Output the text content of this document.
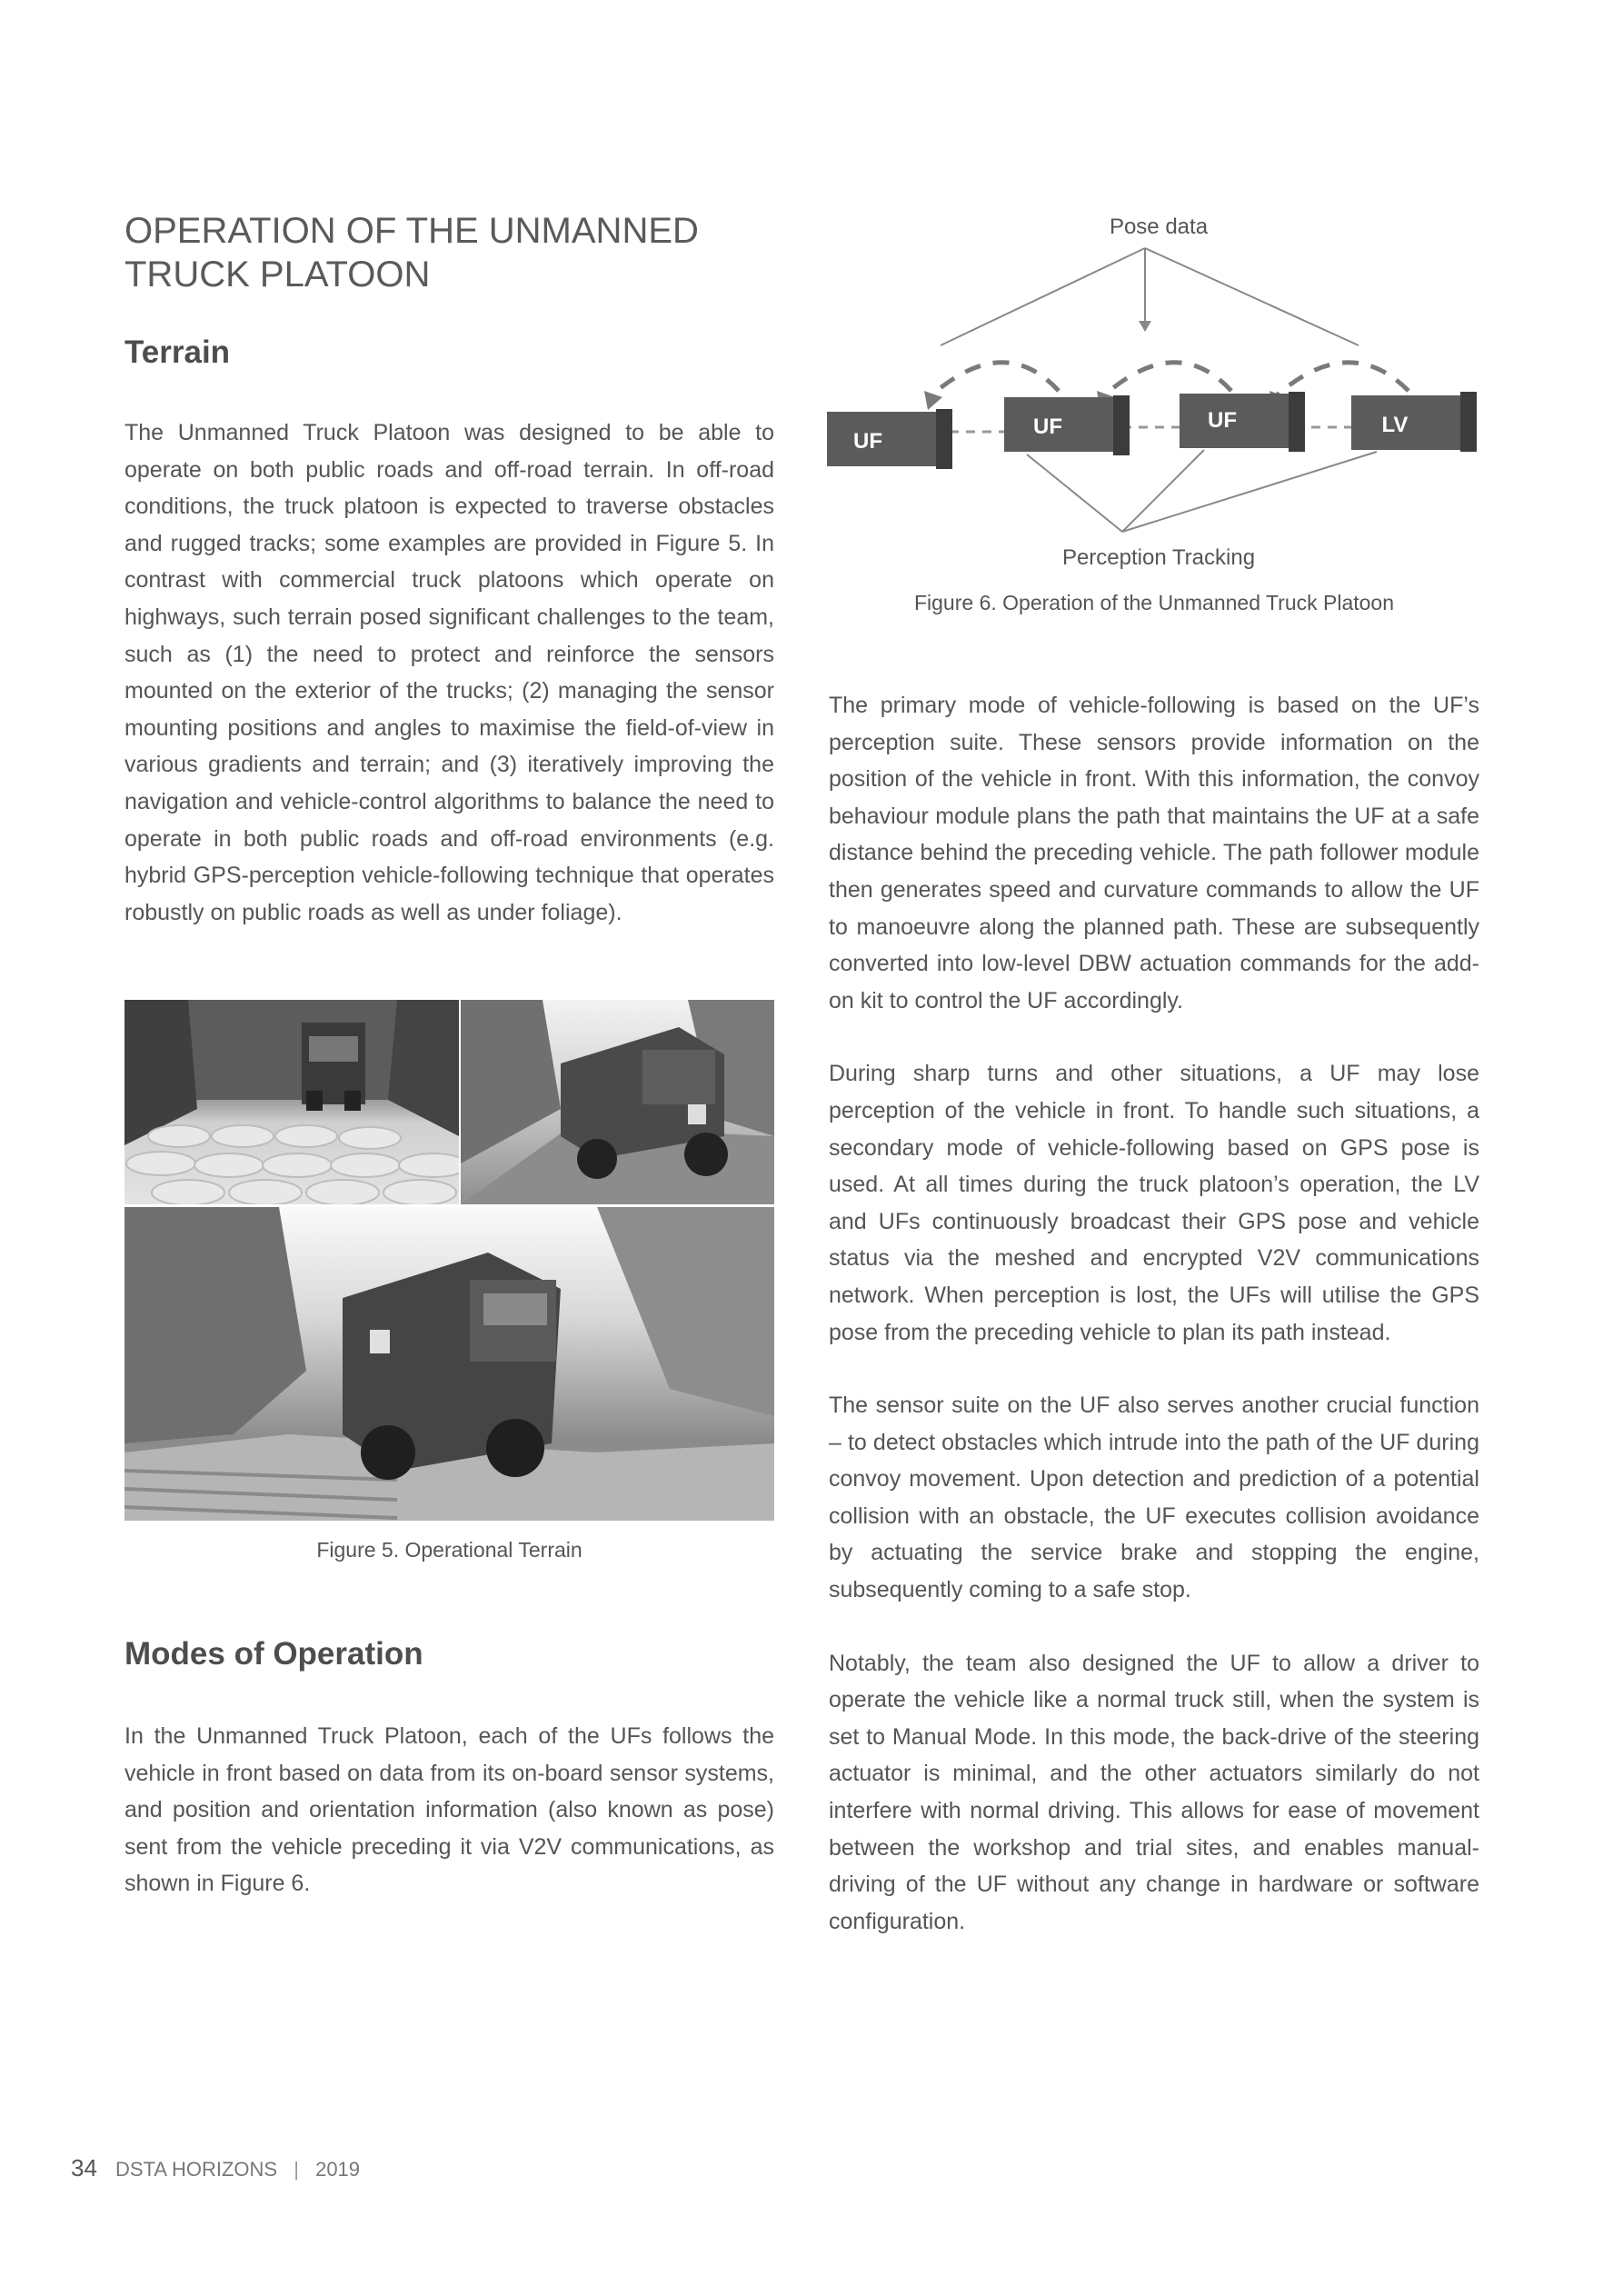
OPERATION OF THE UNMANNED TRUCK PLATOON
Terrain

The Unmanned Truck Platoon was designed to be able to operate on both public roads and off-road terrain. In off-road conditions, the truck platoon is expected to traverse obstacles and rugged tracks; some examples are provided in Figure 5. In contrast with commercial truck platoons which operate on highways, such terrain posed significant challenges to the team, such as (1) the need to protect and reinforce the sensors mounted on the exterior of the trucks; (2) managing the sensor mounting positions and angles to maximise the field-of-view in various gradients and terrain; and (3) iteratively improving the navigation and vehicle-control algorithms to balance the need to operate in both public roads and off-road environments (e.g. hybrid GPS-perception vehicle-following technique that operates robustly on public roads as well as under foliage).

Figure 5. Operational Terrain
Modes of Operation

In the Unmanned Truck Platoon, each of the UFs follows the vehicle in front based on data from its on-board sensor systems, and position and orientation information (also known as pose) sent from the vehicle preceding it via V2V communications, as shown in Figure 6.

Pose data
UF
UF	UF	LV
Perception Tracking
Figure 6. Operation of the Unmanned Truck Platoon

The primary mode of vehicle-following is based on the UF’s perception suite. These sensors provide information on the position of the vehicle in front. With this information, the convoy behaviour module plans the path that maintains the UF at a safe distance behind the preceding vehicle. The path follower module then generates speed and curvature commands to allow the UF to manoeuvre along the planned path. These are subsequently converted into low-level DBW actuation commands for the add-on kit to control the UF accordingly.

During sharp turns and other situations, a UF may lose perception of the vehicle in front. To handle such situations, a secondary mode of vehicle-following based on GPS pose is used. At all times during the truck platoon’s operation, the LV and UFs continuously broadcast their GPS pose and vehicle status via the meshed and encrypted V2V communications network. When perception is lost, the UFs will utilise the GPS pose from the preceding vehicle to plan its path instead.

The sensor suite on the UF also serves another crucial function – to detect obstacles which intrude into the path of the UF during convoy movement. Upon detection and prediction of a potential collision with an obstacle, the UF executes collision avoidance by actuating the service brake and stopping the engine, subsequently coming to a safe stop.

Notably, the team also designed the UF to allow a driver to operate the vehicle like a normal truck still, when the system is set to Manual Mode. In this mode, the back-drive of the steering actuator is minimal, and the other actuators similarly do not interfere with normal driving. This allows for ease of movement between the workshop and trial sites, and enables manual-driving of the UF without any change in hardware or software configuration.

34 DSTA HORIZONS | 2019
